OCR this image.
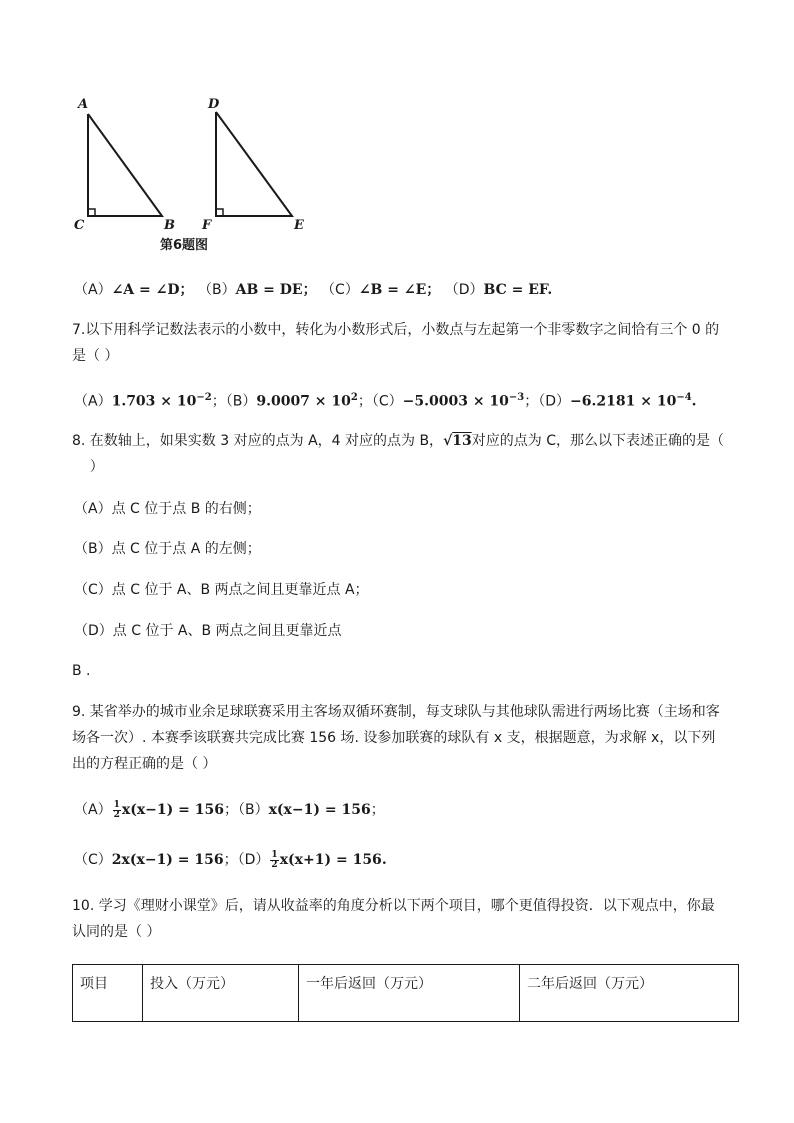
A
C	B
D
F	E
第6题图
（A）∠A = ∠D； （B）AB = DE； （C）∠B = ∠E； （D）BC = EF.
7.以下用科学记数法表示的小数中，转化为小数形式后，小数点与左起第一个非零数字之间恰有三个 0 的
是（ ）
$(A)1.703 \times 10^{-2}$；$(B)9.0007 \times 10^2$；$(C)-5.0003 \times 10^{-3}$；$(D)-6.2181 \times 10^{-4}$.
8. 在数轴上，如果实数 3 对应的点为 A，4 对应的点为 B，√13对应的点为 C，那么以下表述正确的是（
）
（A）点 C 位于点 B 的右侧；
（B）点 C 位于点 A 的左侧；
（C）点 C 位于 A、B 两点之间且更靠近点 A；
（D）点 C 位于 A、B 两点之间且更靠近点
B .
9. 某省举办的城市业余足球联赛采用主客场双循环赛制，每支球队与其他球队需进行两场比赛（主场和客
场各一次）. 本赛季该联赛共完成比赛 156 场. 设参加联赛的球队有 x 支，根据题意，为求解 x，以下列
出的方程正确的是（ ）
$(A) \frac{1}{2} x(x-1) = 156$；（B）x(x−1) = 156；
（C）2x(x−1) = 156；$(D) \frac{1}{2} x(x+1) = 156$.
10. 学习《理财小课堂》后，请从收益率的角度分析以下两个项目，哪个更值得投资．以下观点中，你最
认同的是（ ）
项目	投入（万元）	一年后返回（万元）	二年后返回（万元）
